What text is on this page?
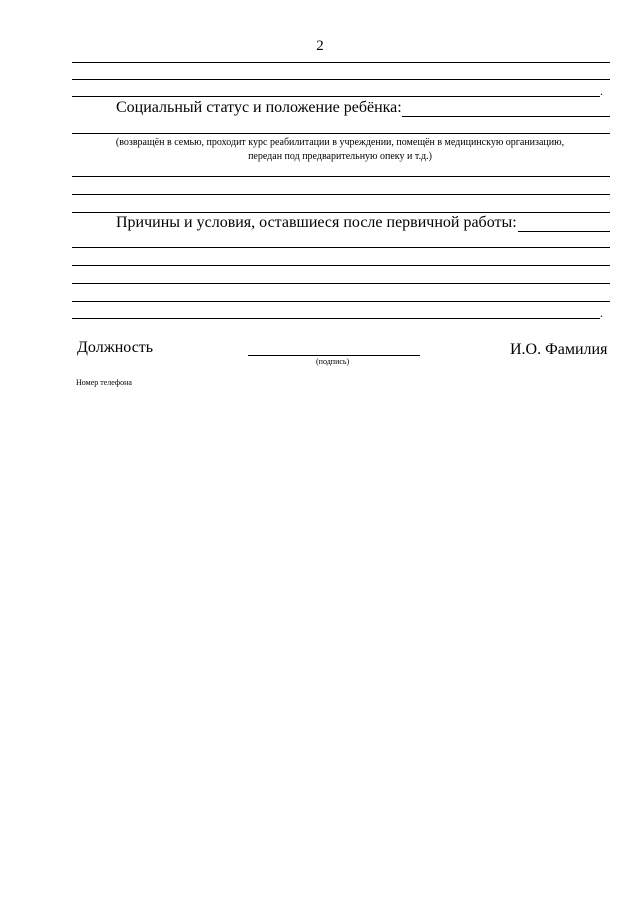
2
.
Социальный статус и положение ребёнка:
(возвращён в семью, проходит курс реабилитации в учреждении, помещён в медицинскую организацию,
передан под предварительную опеку и т.д.)
Причины и условия, оставшиеся после первичной работы:
.
Должность
(подпись)
И.О. Фамилия
Номер телефона
